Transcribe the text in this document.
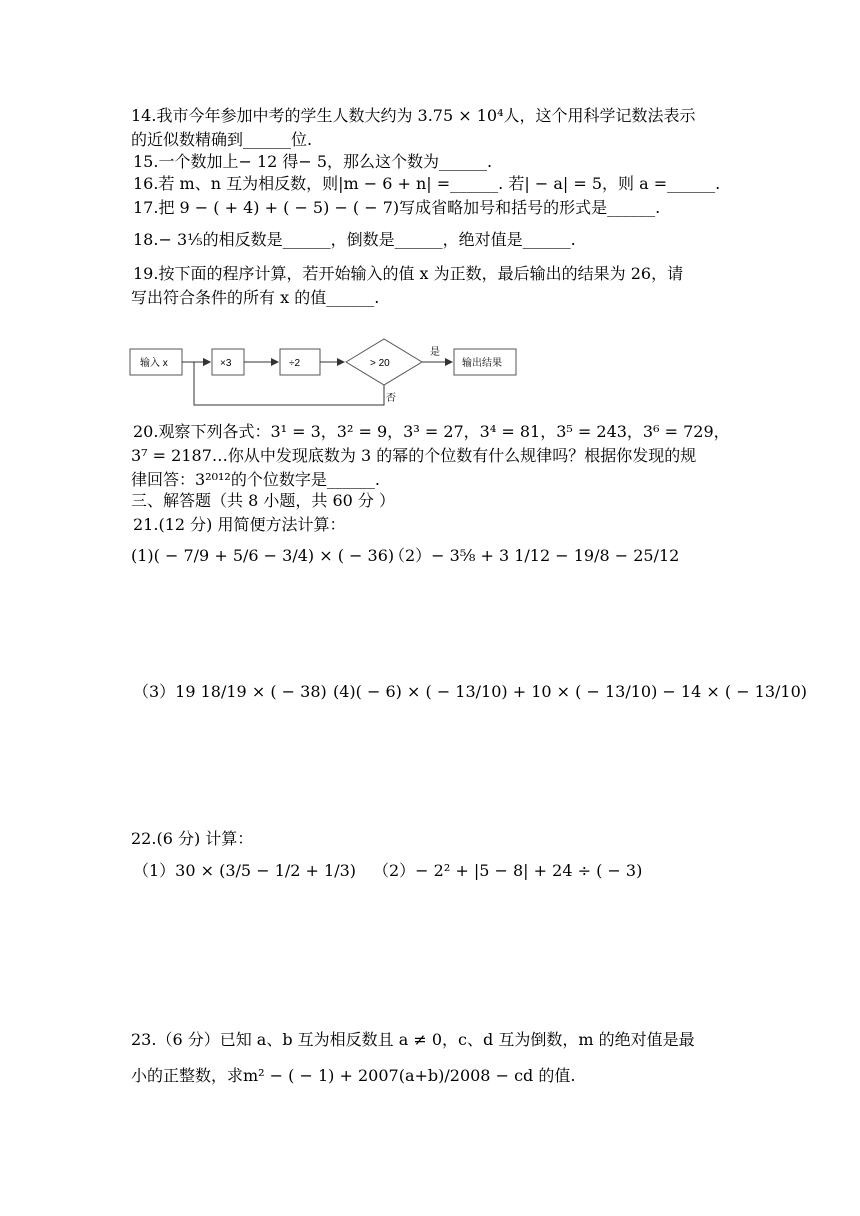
14.我市今年参加中考的学生人数大约为 3.75 × 10⁴人，这个用科学记数法表示
的近似数精确到______位.
15.一个数加上− 12 得− 5，那么这个数为______.
16.若 m、n 互为相反数，则|m − 6 + n| =______. 若| − a| = 5，则 a =______.
17.把 9 − ( + 4) + ( − 5) − ( − 7)写成省略加号和括号的形式是______.
18.− 3⅕的相反数是______，倒数是______，绝对值是______.
19.按下面的程序计算，若开始输入的值 x 为正数，最后输出的结果为 26，请
写出符合条件的所有 x 的值______.
输入 x	×3	÷2	> 20
是
输出结果
否
20.观察下列各式：3¹ = 3，3² = 9，3³ = 27，3⁴ = 81，3⁵ = 243，3⁶ = 729，
3⁷ = 2187…你从中发现底数为 3 的幂的个位数有什么规律吗？根据你发现的规
律回答：3²⁰¹²的个位数字是______.
三、解答题（共 8 小题，共 60 分 ）
21.(12 分) 用简便方法计算：
(1)( − 7/9 + 5/6 − 3/4) × ( − 36)
（2）− 3⅝ + 3 1/12 − 19/8 − 25/12
（3）19 18/19 × ( − 38) (4)( − 6) × ( − 13/10) + 10 × ( − 13/10) − 14 × ( − 13/10)
22.(6 分) 计算：
（1）30 × (3/5 − 1/2 + 1/3) （2）− 2² + |5 − 8| + 24 ÷ ( − 3)
23.（6 分）已知 a、b 互为相反数且 a ≠ 0，c、d 互为倒数，m 的绝对值是最
小的正整数，求m² − ( − 1) + 2007(a+b)/2008 − cd 的值.
